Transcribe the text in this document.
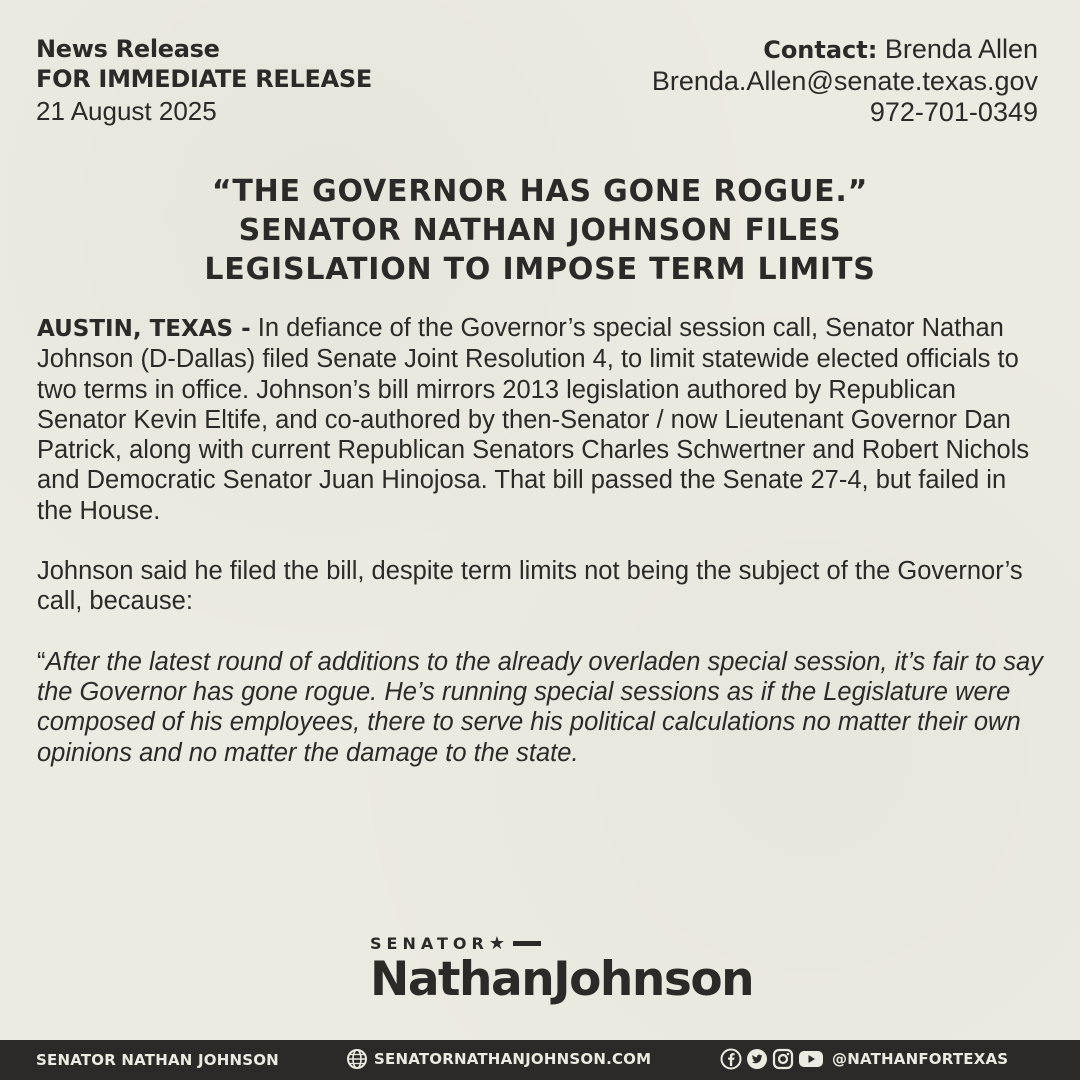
News Release
FOR IMMEDIATE RELEASE
21 August 2025
Contact: Brenda Allen
Brenda.Allen@senate.texas.gov
972-701-0349
“THE GOVERNOR HAS GONE ROGUE.”
SENATOR NATHAN JOHNSON FILES
LEGISLATION TO IMPOSE TERM LIMITS

AUSTIN, TEXAS - In defiance of the Governor’s special session call, Senator Nathan Johnson (D-Dallas) filed Senate Joint Resolution 4, to limit statewide elected officials to two terms in office. Johnson’s bill mirrors 2013 legislation authored by Republican Senator Kevin Eltife, and co-authored by then-Senator / now Lieutenant Governor Dan Patrick, along with current Republican Senators Charles Schwertner and Robert Nichols and Democratic Senator Juan Hinojosa. That bill passed the Senate 27-4, but failed in the House.

Johnson said he filed the bill, despite term limits not being the subject of the Governor’s call, because:

“After the latest round of additions to the already overladen special session, it’s fair to say the Governor has gone rogue. He’s running special sessions as if the Legislature were composed of his employees, there to serve his political calculations no matter their own opinions and no matter the damage to the state.

SENATOR ★
NathanJohnson
SENATOR NATHAN JOHNSON	SENATORNATHANJOHNSON.COM	@NATHANFORTEXAS
